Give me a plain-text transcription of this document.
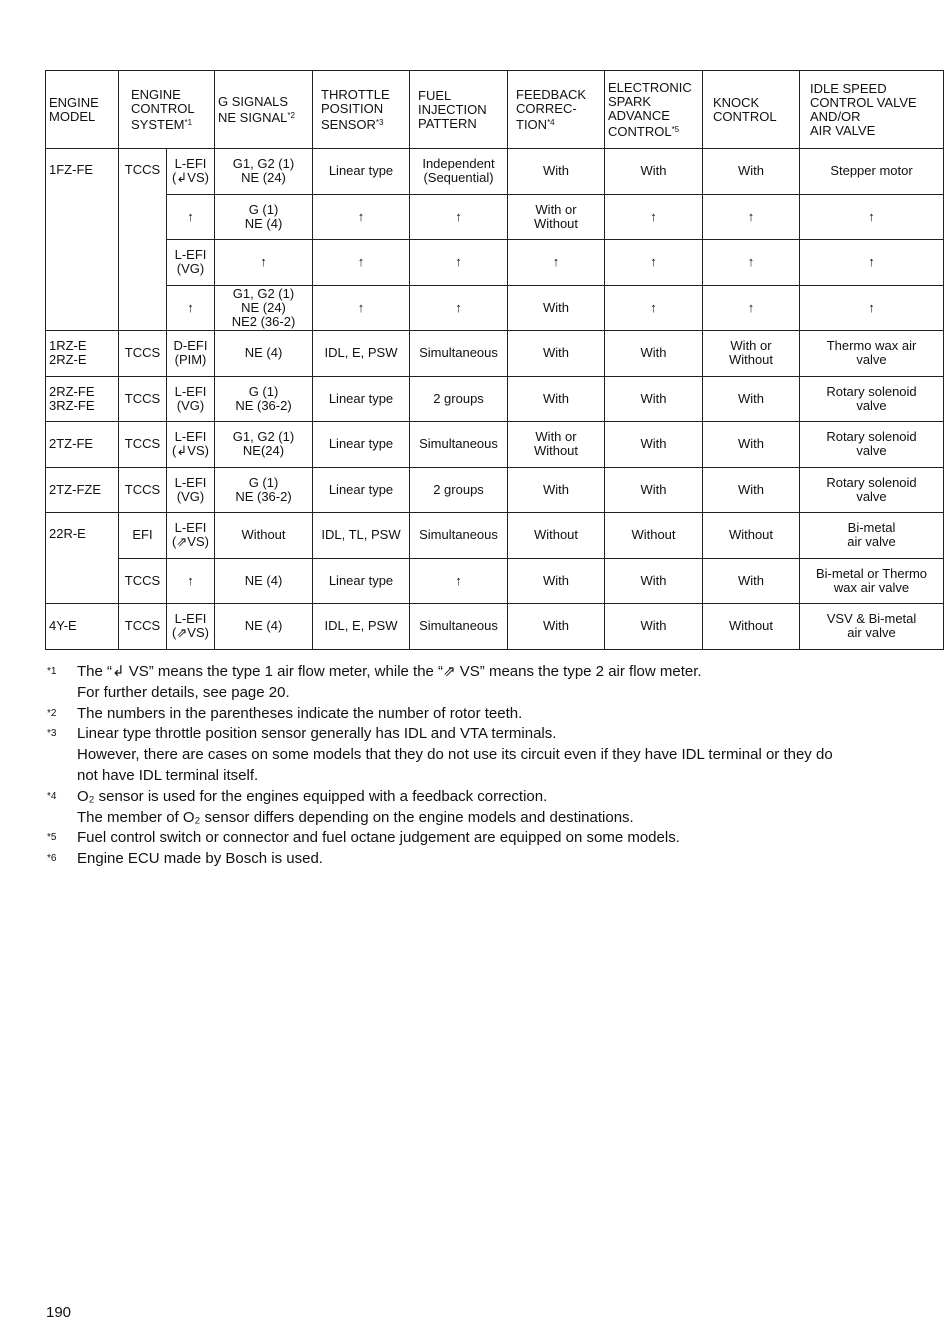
ENGINE
MODEL	ENGINE
CONTROL
SYSTEM$^{*1}$		G SIGNALS
NE SIGNAL$^{*2}$	THROTTLE
POSITION
SENSOR$^{*3}$	FUEL
INJECTION
PATTERN	FEEDBACK
CORREC-
TION$^{*4}$	ELECTRONIC
SPARK
ADVANCE
CONTROL$^{*5}$	KNOCK
CONTROL	IDLE SPEED
CONTROL VALVE
AND/OR
AIR VALVE
1FZ-FE	TCCS	L-EFI
(↲VS)	G1, G2 (1)
NE (24)	Linear type	Independent
(Sequential)	With	With	With	Stepper motor
		↑	G (1)
NE (4)	↑	↑	With or
Without	↑	↑	↑
		L-EFI
(VG)	↑	↑	↑	↑	↑	↑	↑
		↑	G1, G2 (1)
NE (24)
NE2 (36-2)	↑	↑	With	↑	↑	↑
1RZ-E
2RZ-E	TCCS	D-EFI
(PIM)	NE (4)	IDL, E, PSW	Simultaneous	With	With	With or
Without	Thermo wax air
valve
2RZ-FE
3RZ-FE	TCCS	L-EFI
(VG)	G (1)
NE (36-2)	Linear type	2 groups	With	With	With	Rotary solenoid
valve
2TZ-FE	TCCS	L-EFI
(↲VS)	G1, G2 (1)
NE(24)	Linear type	Simultaneous	With or
Without	With	With	Rotary solenoid
valve
2TZ-FZE	TCCS	L-EFI
(VG)	G (1)
NE (36-2)	Linear type	2 groups	With	With	With	Rotary solenoid
valve
22R-E	EFI	L-EFI
(⇗VS)	Without	IDL, TL, PSW	Simultaneous	Without	Without	Without	Bi-metal
air valve
	TCCS	↑	NE (4)	Linear type	↑	With	With	With	Bi-metal or Thermo
wax air valve
4Y-E	TCCS	L-EFI
(⇗VS)	NE (4)	IDL, E, PSW	Simultaneous	With	With	Without	VSV & Bi-metal
air valve
*1	The “↲ VS” means the type 1 air flow meter, while the “⇗ VS” means the type 2 air flow meter.
For further details, see page 20.
*2	The numbers in the parentheses indicate the number of rotor teeth.
*3	Linear type throttle position sensor generally has IDL and VTA terminals.
However, there are cases on some models that they do not use its circuit even if they have IDL terminal or they do
not have IDL terminal itself.
*4	O₂ sensor is used for the engines equipped with a feedback correction.
The member of O₂ sensor differs depending on the engine models and destinations.
*5	Fuel control switch or connector and fuel octane judgement are equipped on some models.
*6	Engine ECU made by Bosch is used.
190
